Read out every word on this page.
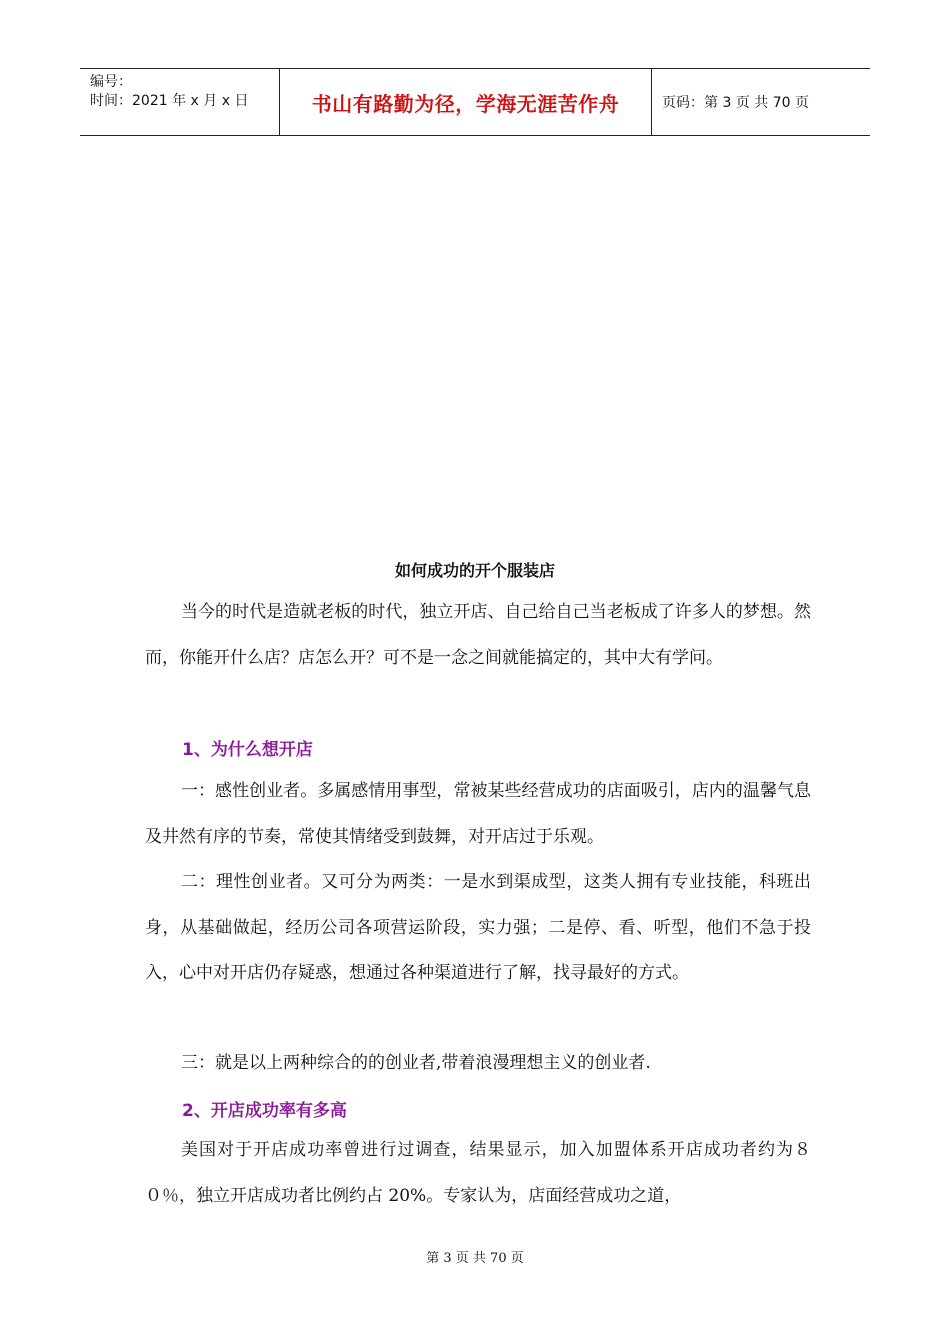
编号：
时间：2021 年 x 月 x 日	书山有路勤为径，学海无涯苦作舟	页码：第 3 页 共 70 页
如何成功的开个服装店
当今的时代是造就老板的时代，独立开店、自己给自己当老板成了许多人的梦想。然而，你能开什么店？店怎么开？可不是一念之间就能搞定的，其中大有学问。
1、为什么想开店
一：感性创业者。多属感情用事型，常被某些经营成功的店面吸引，店内的温馨气息及井然有序的节奏，常使其情绪受到鼓舞，对开店过于乐观。
二：理性创业者。又可分为两类：一是水到渠成型，这类人拥有专业技能，科班出身，从基础做起，经历公司各项营运阶段，实力强；二是停、看、听型，他们不急于投入，心中对开店仍存疑惑，想通过各种渠道进行了解，找寻最好的方式。
三：就是以上两种综合的的创业者,带着浪漫理想主义的创业者.
2、开店成功率有多高
美国对于开店成功率曾进行过调查，结果显示，加入加盟体系开店成功者约为８０％，独立开店成功者比例约占 20%。专家认为，店面经营成功之道，
第 3 页 共 70 页
